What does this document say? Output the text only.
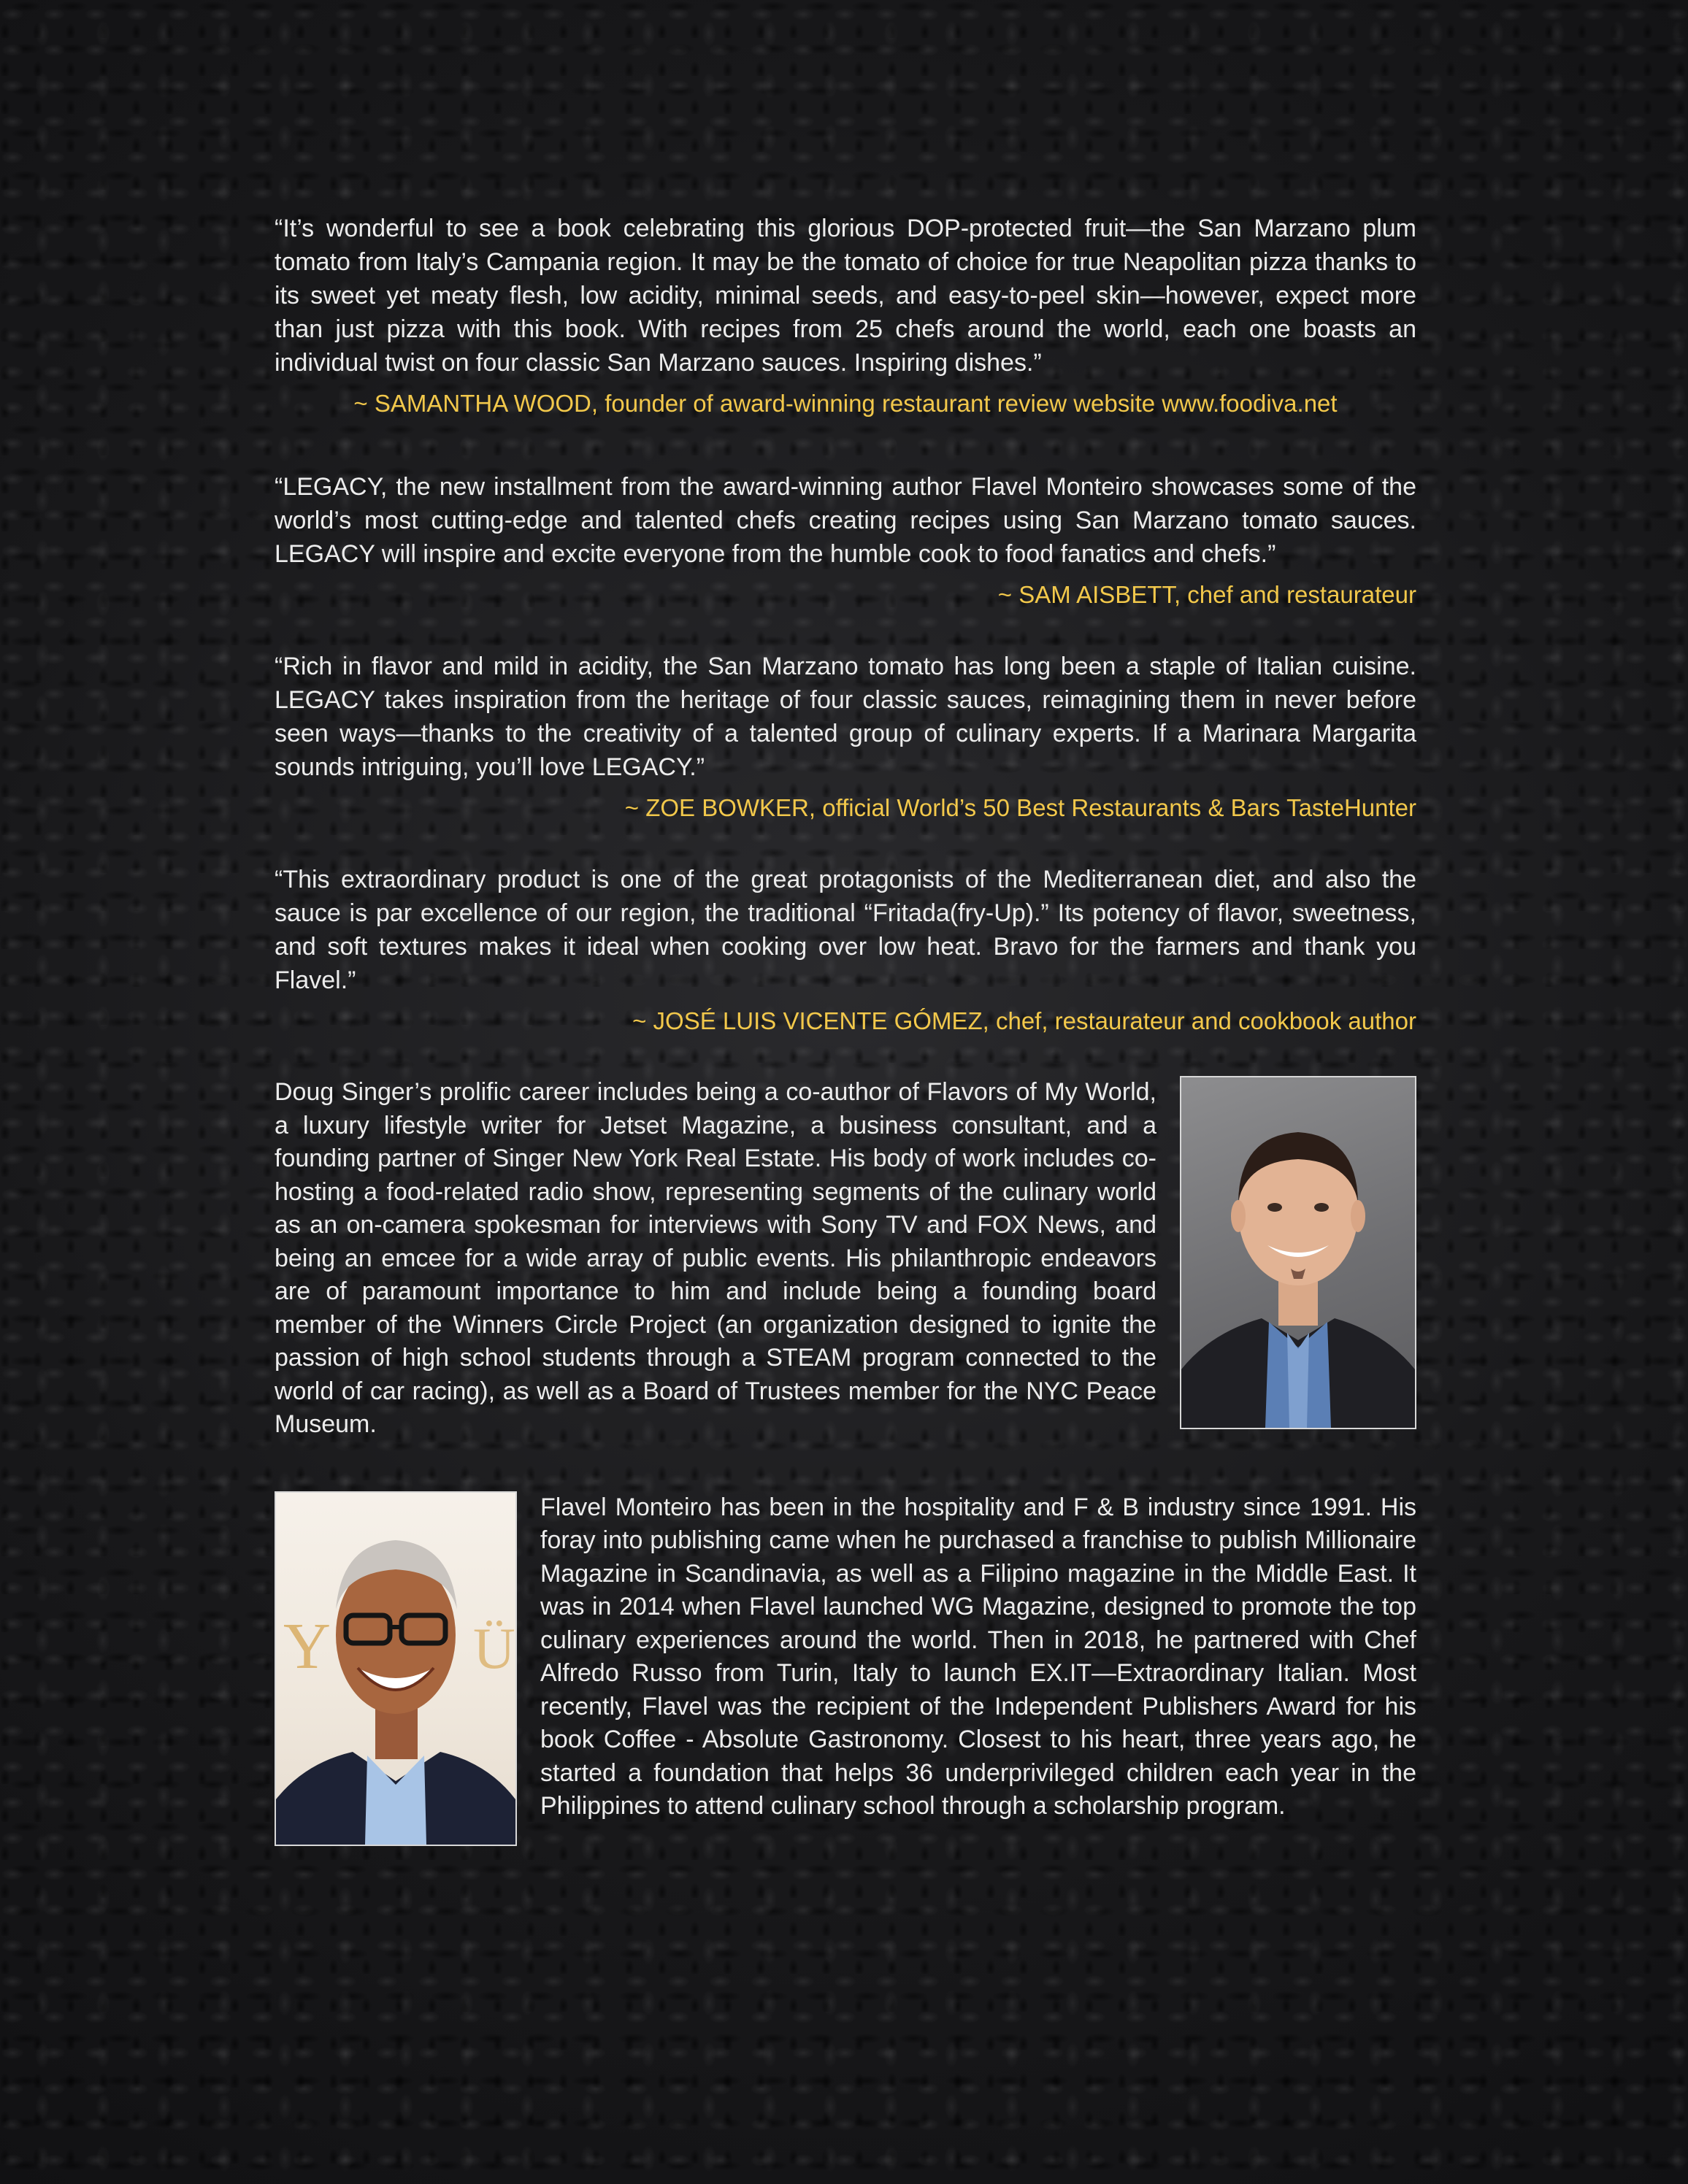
“It’s wonderful to see a book celebrating this glorious DOP-protected fruit—the San Marzano plum tomato from Italy’s Campania region. It may be the tomato of choice for true Neapolitan pizza thanks to its sweet yet meaty flesh, low acidity, minimal seeds, and easy-to-peel skin—however, expect more than just pizza with this book. With recipes from 25 chefs around the world, each one boasts an individual twist on four classic San Marzano sauces. Inspiring dishes.”

~ SAMANTHA WOOD, founder of award-winning restaurant review website www.foodiva.net

“LEGACY, the new installment from the award-winning author Flavel Monteiro showcases some of the world’s most cutting-edge and talented chefs creating recipes using San Marzano tomato sauces. LEGACY will inspire and excite everyone from the humble cook to food fanatics and chefs.”

~ SAM AISBETT, chef and restaurateur

“Rich in flavor and mild in acidity, the San Marzano tomato has long been a staple of Italian cuisine. LEGACY takes inspiration from the heritage of four classic sauces, reimagining them in never before seen ways—thanks to the creativity of a talented group of culinary experts. If a Marinara Margarita sounds intriguing, you’ll love LEGACY.”

~ ZOE BOWKER, official World’s 50 Best Restaurants & Bars TasteHunter

“This extraordinary product is one of the great protagonists of the Mediterranean diet, and also the sauce is par excellence of our region, the traditional “Fritada(fry-Up).” Its potency of flavor, sweetness, and soft textures makes it ideal when cooking over low heat. Bravo for the farmers and thank you Flavel.”

~ JOSÉ LUIS VICENTE GÓMEZ, chef, restaurateur and cookbook author

Doug Singer’s prolific career includes being a co-author of Flavors of My World, a luxury lifestyle writer for Jetset Magazine, a business consultant, and a founding partner of Singer New York Real Estate. His body of work includes co-hosting a food-related radio show, representing segments of the culinary world as an on-camera spokesman for interviews with Sony TV and FOX News, and being an emcee for a wide array of public events. His philanthropic endeavors are of paramount importance to him and include being a founding board member of the Winners Circle Project (an organization designed to ignite the passion of high school students through a STEAM program connected to the world of car racing), as well as a Board of Trustees member for the NYC Peace Museum.

Y Ü

Flavel Monteiro has been in the hospitality and F & B industry since 1991. His foray into publishing came when he purchased a franchise to publish Millionaire Magazine in Scandinavia, as well as a Filipino magazine in the Middle East. It was in 2014 when Flavel launched WG Magazine, designed to promote the top culinary experiences around the world. Then in 2018, he partnered with Chef Alfredo Russo from Turin, Italy to launch EX.IT—Extraordinary Italian. Most recently, Flavel was the recipient of the Independent Publishers Award for his book Coffee - Absolute Gastronomy. Closest to his heart, three years ago, he started a foundation that helps 36 underprivileged children each year in the Philippines to attend culinary school through a scholarship program.
